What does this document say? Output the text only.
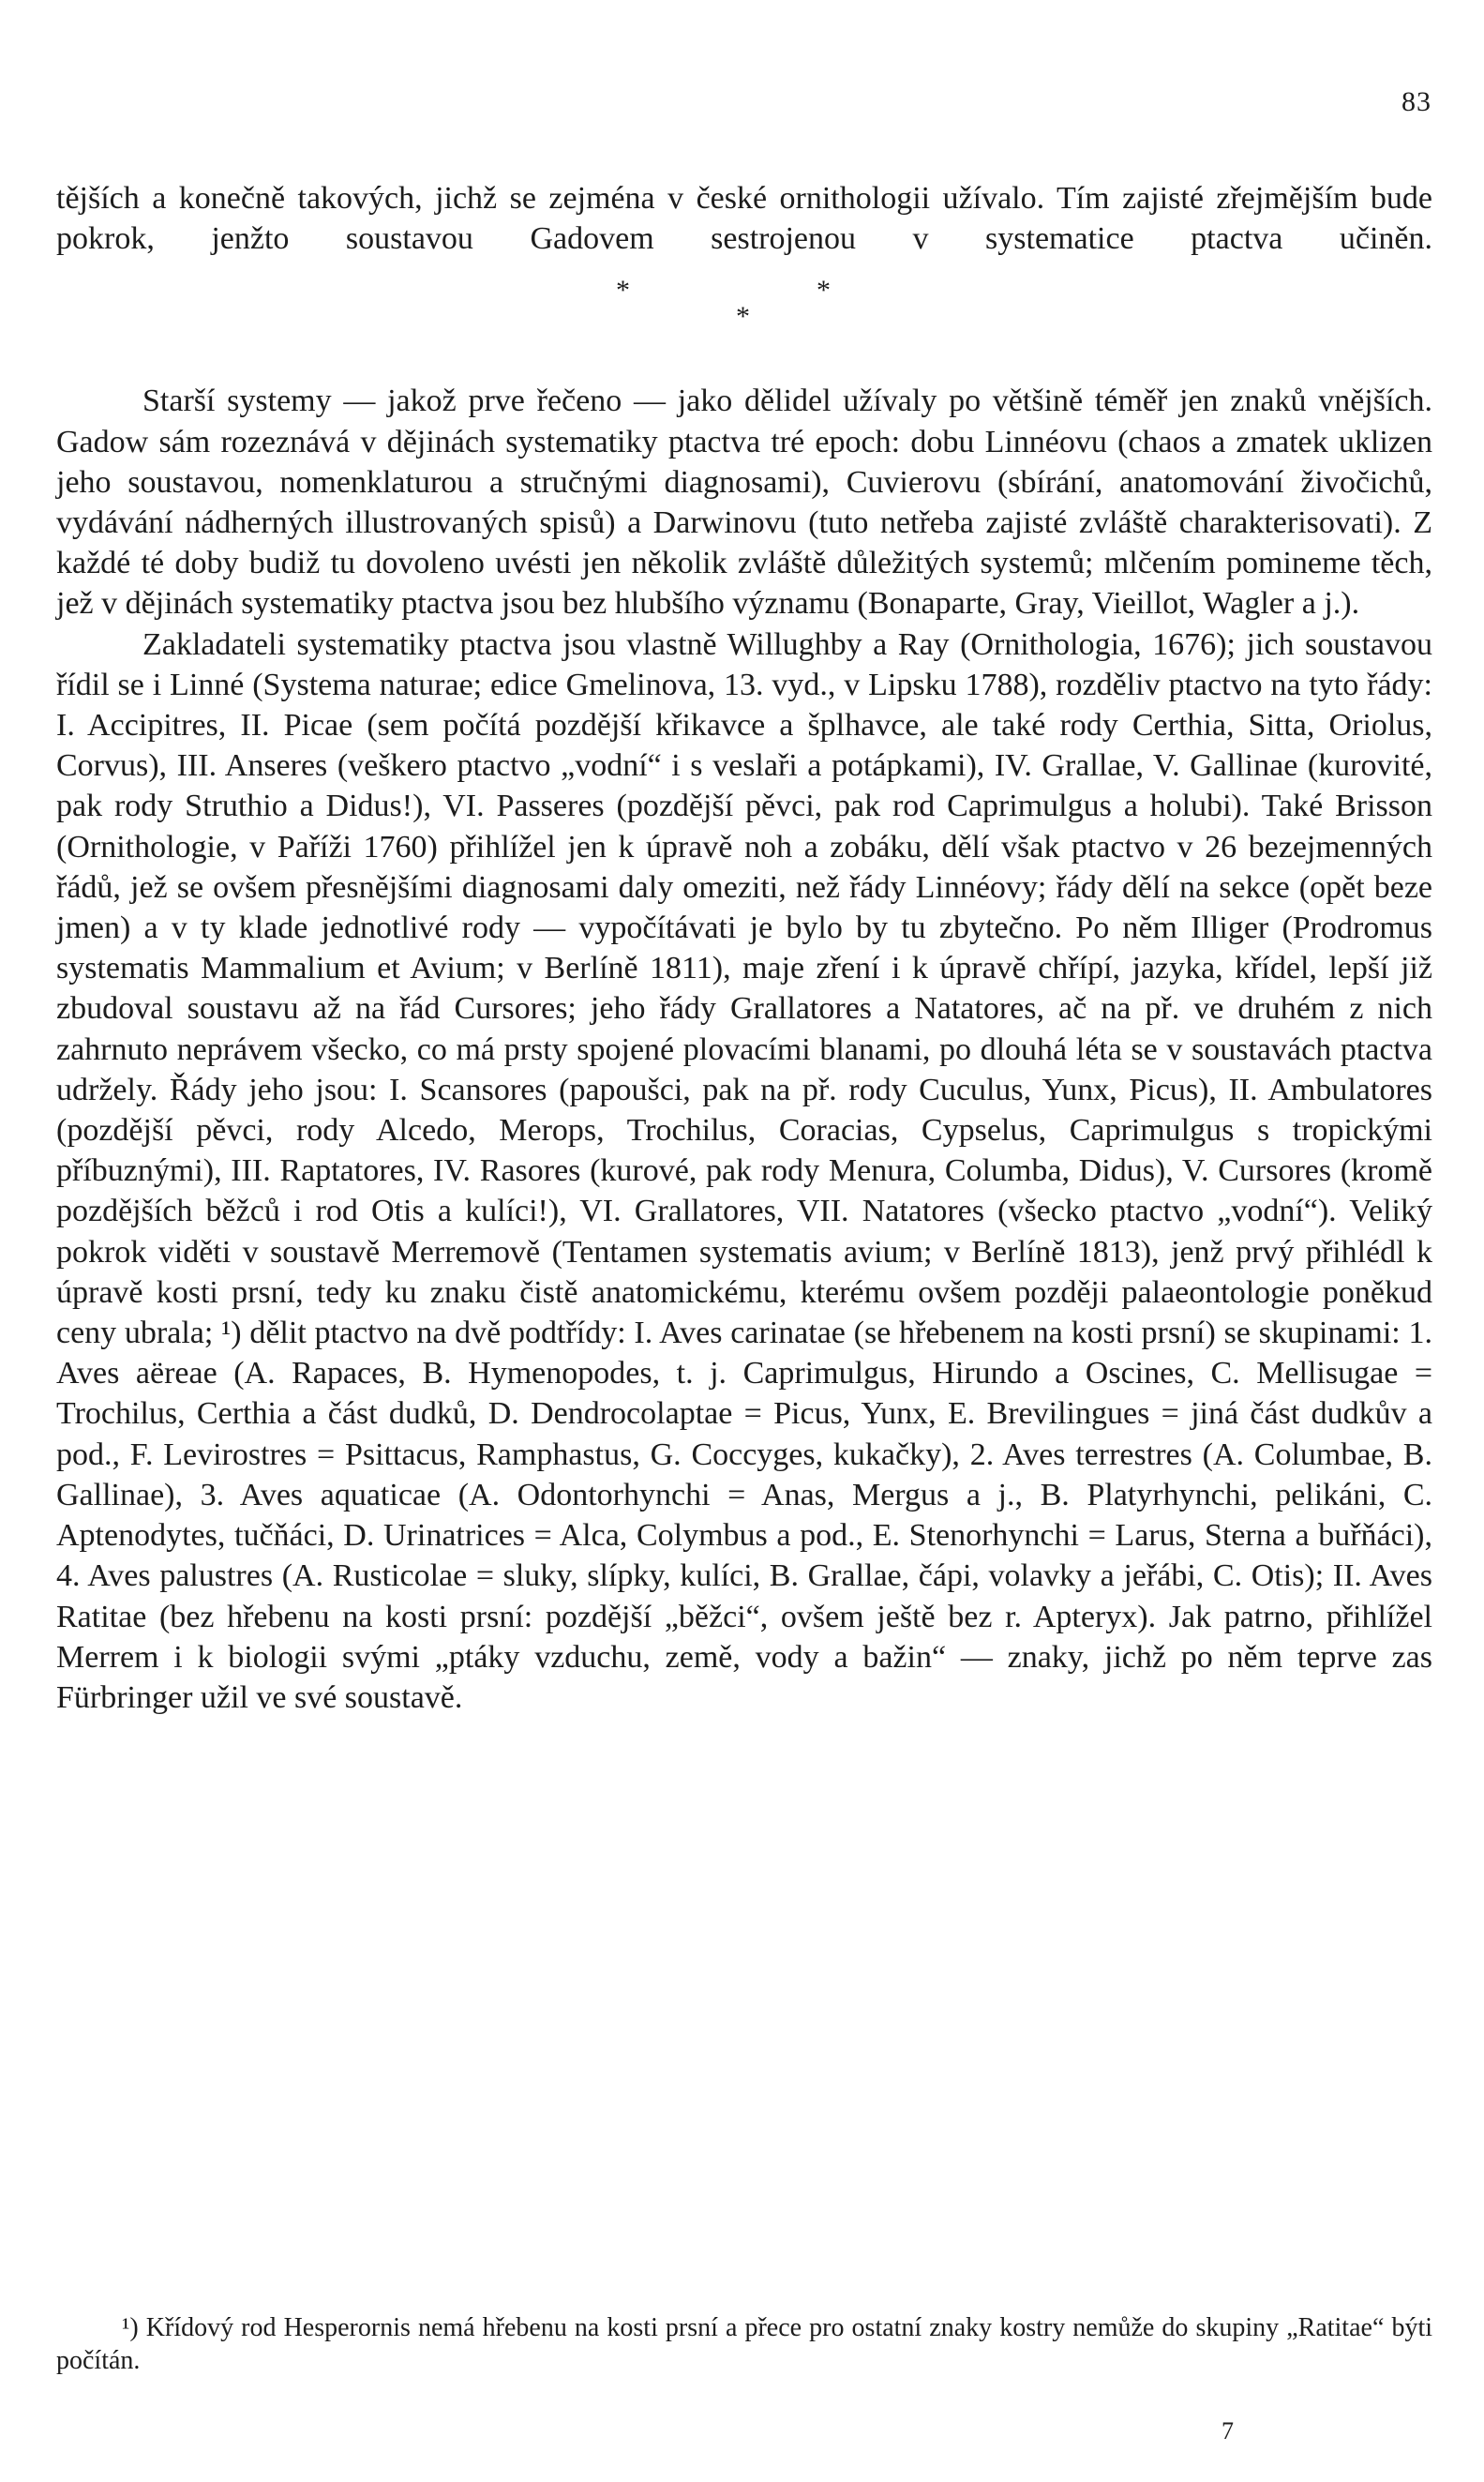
83

tějších a konečně takových, jichž se zejména v české ornithologii užívalo. Tím zajisté zřejmějším bude pokrok, jenžto soustavou Gadovem sestrojenou v systematice ptactva učiněn.

*
*
*

Starší systemy — jakož prve řečeno — jako dělidel užívaly po většině téměř jen znaků vnějších. Gadow sám rozeznává v dějinách systematiky ptactva tré epoch: dobu Linnéovu (chaos a zmatek uklizen jeho soustavou, nomenklaturou a stručnými diagnosami), Cuvierovu (sbírání, anatomování živočichů, vydávání nádherných illustrovaných spisů) a Darwinovu (tuto netřeba zajisté zvláště charakterisovati). Z každé té doby budiž tu dovoleno uvésti jen několik zvláště důležitých systemů; mlčením pomineme těch, jež v dějinách systematiky ptactva jsou bez hlubšího významu (Bonaparte, Gray, Vieillot, Wagler a j.).

Zakladateli systematiky ptactva jsou vlastně Willughby a Ray (Ornithologia, 1676); jich soustavou řídil se i Linné (Systema naturae; edice Gmelinova, 13. vyd., v Lipsku 1788), rozděliv ptactvo na tyto řády: I. Accipitres, II. Picae (sem počítá pozdější křikavce a šplhavce, ale také rody Certhia, Sitta, Oriolus, Corvus), III. Anseres (veškero ptactvo „vodní“ i s veslaři a potápkami), IV. Grallae, V. Gallinae (kurovité, pak rody Struthio a Didus!), VI. Passeres (pozdější pěvci, pak rod Caprimulgus a holubi). Také Brisson (Ornithologie, v Paříži 1760) přihlížel jen k úpravě noh a zobáku, dělí však ptactvo v 26 bezejmenných řádů, jež se ovšem přesnějšími diagnosami daly omeziti, než řády Linnéovy; řády dělí na sekce (opět beze jmen) a v ty klade jednotlivé rody — vypočítávati je bylo by tu zbytečno. Po něm Illiger (Prodromus systematis Mammalium et Avium; v Berlíně 1811), maje zření i k úpravě chřípí, jazyka, křídel, lepší již zbudoval soustavu až na řád Cursores; jeho řády Grallatores a Natatores, ač na př. ve druhém z nich zahrnuto neprávem všecko, co má prsty spojené plovacími blanami, po dlouhá léta se v soustavách ptactva udržely. Řády jeho jsou: I. Scansores (papoušci, pak na př. rody Cuculus, Yunx, Picus), II. Ambulatores (pozdější pěvci, rody Alcedo, Merops, Trochilus, Coracias, Cypselus, Caprimulgus s tropickými příbuznými), III. Raptatores, IV. Rasores (kurové, pak rody Menura, Columba, Didus), V. Cursores (kromě pozdějších běžců i rod Otis a kulíci!), VI. Grallatores, VII. Natatores (všecko ptactvo „vodní“). Veliký pokrok viděti v soustavě Merremově (Tentamen systematis avium; v Berlíně 1813), jenž prvý přihlédl k úpravě kosti prsní, tedy ku znaku čistě anatomickému, kterému ovšem později palaeontologie poněkud ceny ubrala; ¹) dělit ptactvo na dvě podtřídy: I. Aves carinatae (se hřebenem na kosti prsní) se skupinami: 1. Aves aëreae (A. Rapaces, B. Hymenopodes, t. j. Caprimulgus, Hirundo a Oscines, C. Mellisugae = Trochilus, Certhia a část dudků, D. Dendrocolaptae = Picus, Yunx, E. Brevilingues = jiná část dudkův a pod., F. Levirostres = Psittacus, Ramphastus, G. Coccyges, kukačky), 2. Aves terrestres (A. Columbae, B. Gallinae), 3. Aves aquaticae (A. Odontorhynchi = Anas, Mergus a j., B. Platyrhynchi, pelikáni, C. Aptenodytes, tučňáci, D. Urinatrices = Alca, Colymbus a pod., E. Stenorhynchi = Larus, Sterna a buřňáci), 4. Aves palustres (A. Rusticolae = sluky, slípky, kulíci, B. Grallae, čápi, volavky a jeřábi, C. Otis); II. Aves Ratitae (bez hřebenu na kosti prsní: pozdější „běžci“, ovšem ještě bez r. Apteryx). Jak patrno, přihlížel Merrem i k biologii svými „ptáky vzduchu, země, vody a bažin“ — znaky, jichž po něm teprve zas Fürbringer užil ve své soustavě.

¹) Křídový rod Hesperornis nemá hřebenu na kosti prsní a přece pro ostatní znaky kostry nemůže do skupiny „Ratitae“ býti počítán.
7
